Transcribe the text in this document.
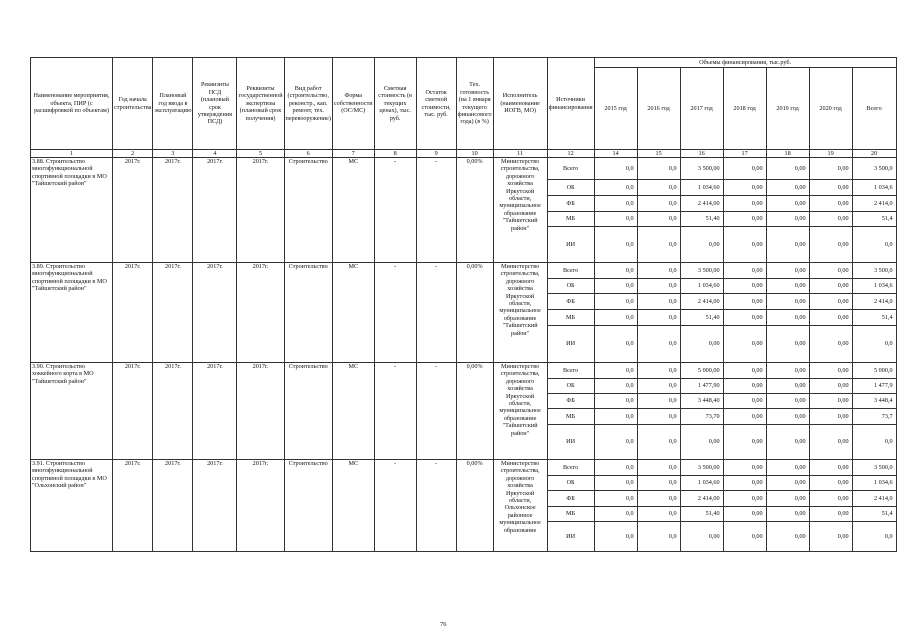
Наименование мероприятия, объекта, ПИР (с расшифровкой по объектам)	Год начала строительства	Плановый год ввода в эксплуатацию	Реквизиты ПСД (плановый срок утверждения ПСД)	Реквизиты государственной экспертизы (плановый срок получения)	Вид работ (строительство, реконстр., кап. ремонт, тех. перевооружение)	Форма собственности (ОС/МС)	Сметная стоимость (в текущих ценах), тыс. руб.	Остаток сметной стоимости, тыс. руб.	Тех. готовность (на 1 января текущего финансового года) (в %)	Исполнитель (наименование ИОГВ, МО)	Источники финансирования	Объемы финансирования, тыс.руб.						
												2015 год	2016 год	2017 год	2018 год	2019 год	2020 год	Всего
1	2	3	4	5	6	7	8	9	10	11	12	14	15	16	17	18	19	20
3.88. Строительство многофункциональной спортивной площадки в МО "Тайшетский район"	2017г.	2017г.	2017г.	2017г.	Строительство	МС	-	-	0,00%	Министерство строительства, дорожного хозяйства Иркутской области, муниципальное образование "Тайшетский район"	Всего	0,0	0,0	3 500,00	0,00	0,00	0,00	3 500,0
											ОБ	0,0	0,0	1 034,60	0,00	0,00	0,00	1 034,6
											ФБ	0,0	0,0	2 414,00	0,00	0,00	0,00	2 414,0
											МБ	0,0	0,0	51,40	0,00	0,00	0,00	51,4
											ИИ	0,0	0,0	0,00	0,00	0,00	0,00	0,0
3.89. Строительство многофункциональной спортивной площадки в МО "Тайшетский район"	2017г.	2017г.	2017г.	2017г.	Строительство	МС	-	-	0,00%	Министерство строительства, дорожного хозяйства Иркутской области, муниципальное образование "Тайшетский район"	Всего	0,0	0,0	3 500,00	0,00	0,00	0,00	3 500,0
											ОБ	0,0	0,0	1 034,60	0,00	0,00	0,00	1 034,6
											ФБ	0,0	0,0	2 414,00	0,00	0,00	0,00	2 414,0
											МБ	0,0	0,0	51,40	0,00	0,00	0,00	51,4
											ИИ	0,0	0,0	0,00	0,00	0,00	0,00	0,0
3.90. Строительство хоккейного корта в МО "Тайшетский район"	2017г.	2017г.	2017г.	2017г.	Строительство	МС	-	-	0,00%	Министерство строительства, дорожного хозяйства Иркутской области, муниципальное образование "Тайшетский район"	Всего	0,0	0,0	5 000,00	0,00	0,00	0,00	5 000,0
											ОБ	0,0	0,0	1 477,90	0,00	0,00	0,00	1 477,9
											ФБ	0,0	0,0	3 448,40	0,00	0,00	0,00	3 448,4
											МБ	0,0	0,0	73,70	0,00	0,00	0,00	73,7
											ИИ	0,0	0,0	0,00	0,00	0,00	0,00	0,0
3.91. Строительство многофункциональной спортивной площадки в МО "Ольхонский район"	2017г.	2017г.	2017г.	2017г.	Строительство	МС	-	-	0,00%	Министерство строительства, дорожного хозяйства Иркутской области, Ольхонское районное муниципальное образование	Всего	0,0	0,0	3 500,00	0,00	0,00	0,00	3 500,0
											ОБ	0,0	0,0	1 034,60	0,00	0,00	0,00	1 034,6
											ФБ	0,0	0,0	2 414,00	0,00	0,00	0,00	2 414,0
											МБ	0,0	0,0	51,40	0,00	0,00	0,00	51,4
											ИИ	0,0	0,0	0,00	0,00	0,00	0,00	0,0
76
